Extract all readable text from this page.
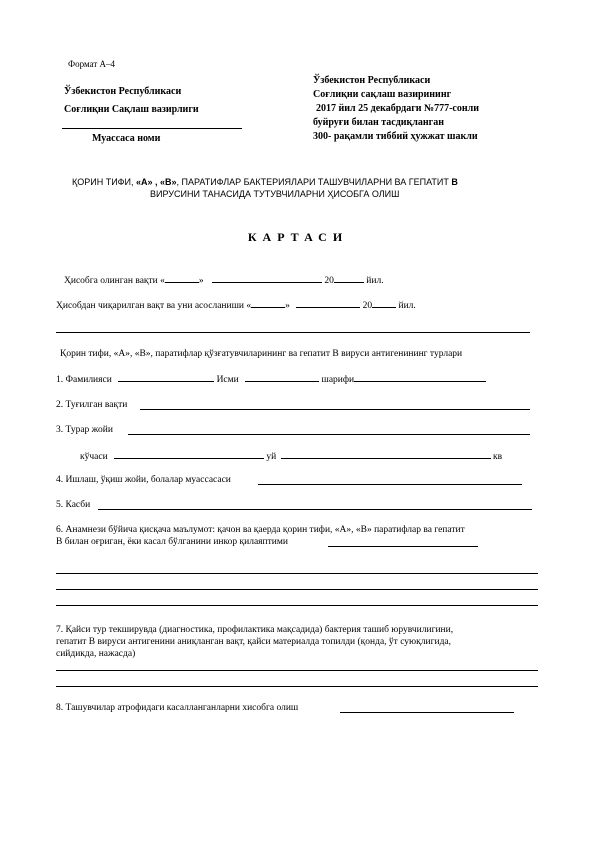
Формат А–4
Ўзбекистон Республикаси
Соғлиқни Сақлаш вазирлиги
Муассаса номи
Ўзбекистон Республикаси
Соғлиқни сақлаш вазирининг
2017 йил 25 декабрдаги №777-сонли
буйруғи билан тасдиқланган
300- рақамли тиббий ҳужжат шакли
ҚОРИН ТИФИ, «А» , «В», ПАРАТИФЛАР БАКТЕРИЯЛАРИ ТАШУВЧИЛАРНИ ВА ГЕПАТИТ В
ВИРУСИНИ ТАНАСИДА ТУТУВЧИЛАРНИ ҲИСОБГА ОЛИШ
КАРТАСИ
Ҳисобга олинган вақти «	»	20	йил.
Ҳисобдан чиқарилган вақт ва уни асосланиши «	»	20	йил.
Қорин тифи, «А», «В», паратифлар қўзғатувчиларининг ва гепатит В вируси антигенининг турлари
1. Фамилияси	Исми	шарифи
2. Туғилган вақти
3. Турар жойи
кўчаси	уй	кв
4. Ишлаш, ўқиш жойи, болалар муассасаси
5. Касби
6. Анамнези бўйича қисқача маълумот: қачон ва қаерда қорин тифи, «А», «В» паратифлар ва гепатит
В билан оғриган, ёки касал бўлганини инкор қилаяптими
7. Қайси тур текширувда (диагностика, профилактика мақсадида) бактерия ташиб юрувчилигини,
гепатит В вируси антигенини аниқланган вақт, қайси материалда топилди (қонда, ўт суюқлигида,
сийдикда, нажасда)
8. Ташувчилар атрофидаги касалланганларни хисобга олиш
